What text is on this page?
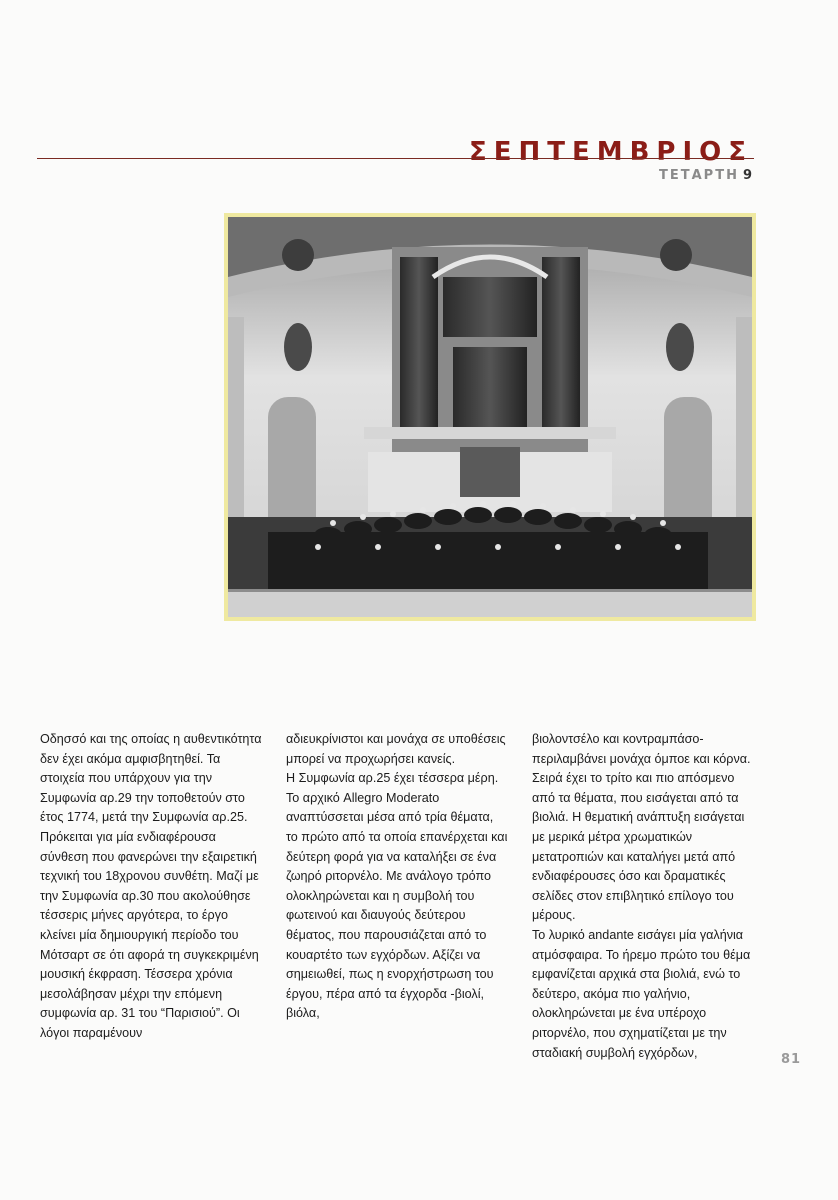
ΣΕΠΤΕΜΒΡΙΟΣ
ΤΕΤΑΡΤΗ 9

Οδησσό και της οποίας η αυθεντικότητα δεν έχει ακόμα αμφισβητηθεί. Τα στοιχεία που υπάρχουν για την Συμφωνία αρ.29 την τοποθετούν στο έτος 1774, μετά την Συμφωνία αρ.25. Πρόκειται για μία ενδιαφέρουσα σύνθεση που φανερώνει την εξαιρετική τεχνική του 18χρονου συνθέτη. Μαζί με την Συμφωνία αρ.30 που ακολούθησε τέσσερις μήνες αργότερα, το έργο κλείνει μία δημιουργική περίοδο του Μότσαρτ σε ότι αφορά τη συγκεκριμένη μουσική έκφραση. Τέσσερα χρόνια μεσολάβησαν μέχρι την επόμενη συμφωνία αρ. 31 του “Παρισιού”. Οι λόγοι παραμένουν

αδιευκρίνιστοι και μονάχα σε υποθέσεις μπορεί να προχωρήσει κανείς.

Η Συμφωνία αρ.25 έχει τέσσερα μέρη.

Το αρχικό Allegro Moderato αναπτύσσεται μέσα από τρία θέματα, το πρώτο από τα οποία επανέρχεται και δεύτερη φορά για να καταλήξει σε ένα ζωηρό ριτορνέλο. Με ανάλογο τρόπο ολοκληρώνεται και η συμβολή του φωτεινού και διαυγούς δεύτερου θέματος, που παρουσιάζεται από το κουαρτέτο των εγχόρδων. Αξίζει να σημειωθεί, πως η ενορχήστρωση του έργου, πέρα από τα έγχορδα -βιολί, βιόλα,

βιολοντσέλο και κοντραμπάσο- περιλαμβάνει μονάχα όμποε και κόρνα. Σειρά έχει το τρίτο και πιο απόσμενο από τα θέματα, που εισάγεται από τα βιολιά. Η θεματική ανάπτυξη εισάγεται με μερικά μέτρα χρωματικών μετατροπιών και καταλήγει μετά από ενδιαφέρουσες όσο και δραματικές σελίδες στον επιβλητικό επίλογο του μέρους.

Το λυρικό andante εισάγει μία γαλήνια ατμόσφαιρα. Το ήρεμο πρώτο του θέμα εμφανίζεται αρχικά στα βιολιά, ενώ το δεύτερο, ακόμα πιο γαλήνιο, ολοκληρώνεται με ένα υπέροχο ριτορνέλο, που σχηματίζεται με την σταδιακή συμβολή εγχόρδων,	81
